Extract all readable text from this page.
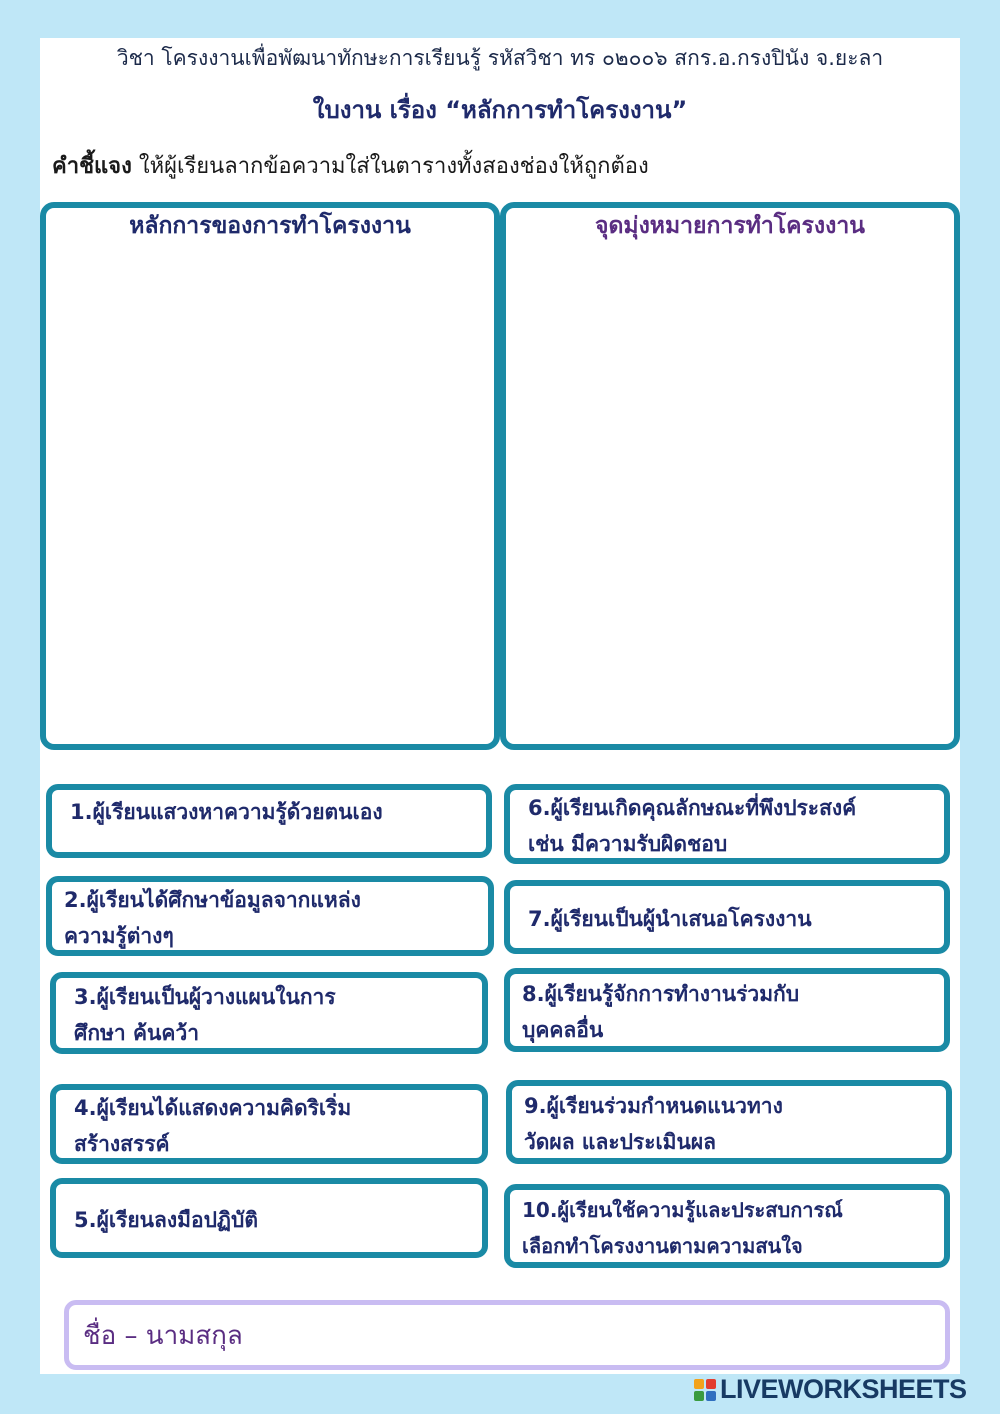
วิชา โครงงานเพื่อพัฒนาทักษะการเรียนรู้ รหัสวิชา ทร ๐๒๐๐๖ สกร.อ.กรงปินัง จ.ยะลา
ใบงาน เรื่อง “หลักการทำโครงงาน”
คำชี้แจง ให้ผู้เรียนลากข้อความใส่ในตารางทั้งสองช่องให้ถูกต้อง
หลักการของการทำโครงงาน	จุดมุ่งหมายการทำโครงงาน
1.ผู้เรียนแสวงหาความรู้ด้วยตนเอง
2.ผู้เรียนได้ศึกษาข้อมูลจากแหล่ง
ความรู้ต่างๆ
3.ผู้เรียนเป็นผู้วางแผนในการ
ศึกษา ค้นคว้า
4.ผู้เรียนได้แสดงความคิดริเริ่ม
สร้างสรรค์
5.ผู้เรียนลงมือปฏิบัติ
6.ผู้เรียนเกิดคุณลักษณะที่พึงประสงค์
เช่น มีความรับผิดชอบ
7.ผู้เรียนเป็นผู้นำเสนอโครงงาน
8.ผู้เรียนรู้จักการทำงานร่วมกับ
บุคคลอื่น
9.ผู้เรียนร่วมกำหนดแนวทาง
วัดผล และประเมินผล
10.ผู้เรียนใช้ความรู้และประสบการณ์
เลือกทำโครงงานตามความสนใจ
ชื่อ – นามสกุล
LIVEWORKSHEETS
